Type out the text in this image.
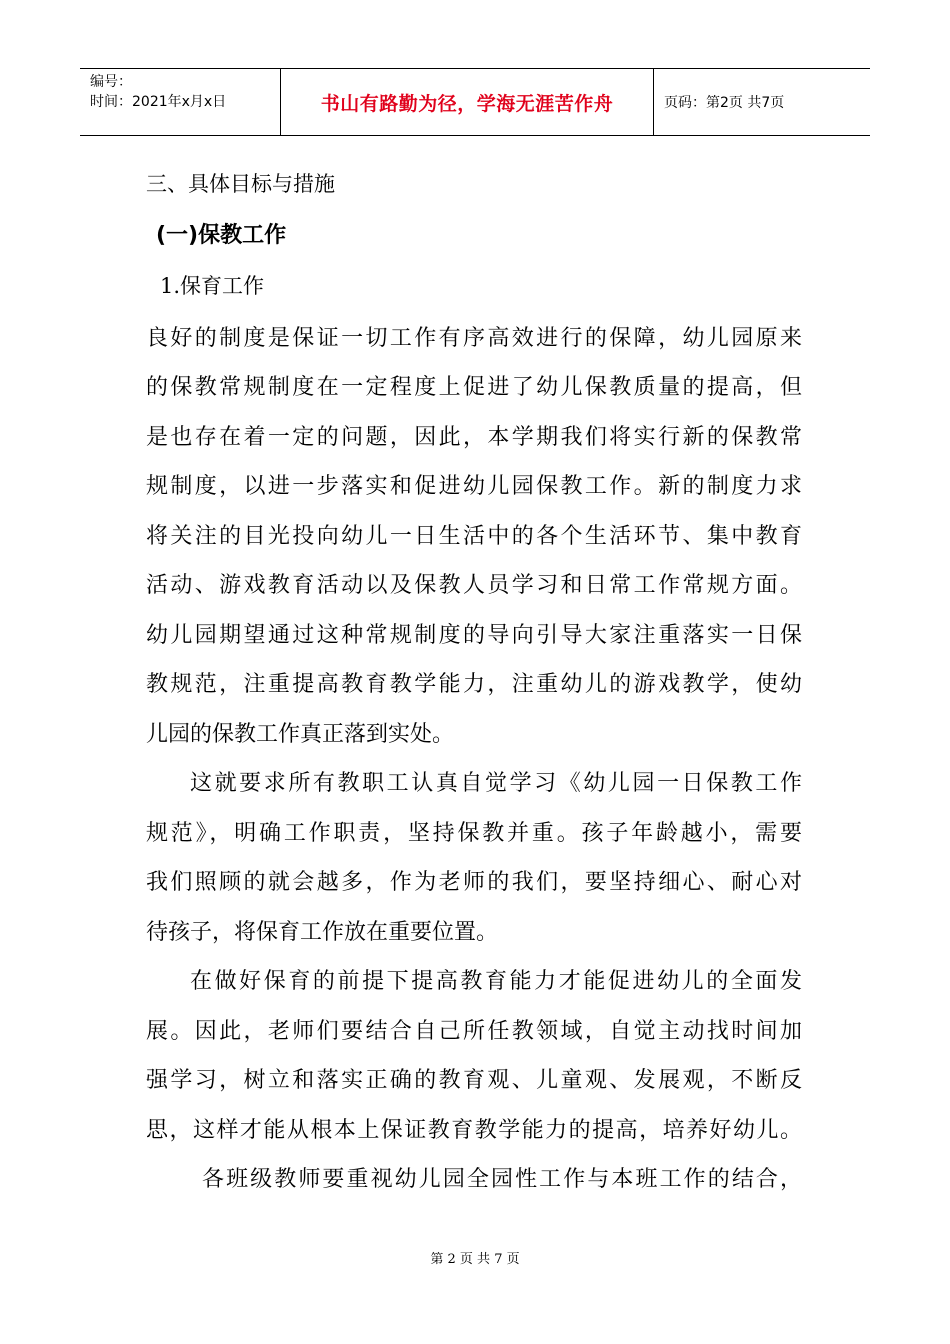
编号：
时间：2021年x月x日	书山有路勤为径，学海无涯苦作舟	页码：第2页 共7页
三、具体目标与措施
(一)保教工作
1.保育工作
良好的制度是保证一切工作有序高效进行的保障，幼儿园原来
的保教常规制度在一定程度上促进了幼儿保教质量的提高，但
是也存在着一定的问题，因此，本学期我们将实行新的保教常
规制度，以进一步落实和促进幼儿园保教工作。新的制度力求
将关注的目光投向幼儿一日生活中的各个生活环节、集中教育
活动、游戏教育活动以及保教人员学习和日常工作常规方面。
幼儿园期望通过这种常规制度的导向引导大家注重落实一日保
教规范，注重提高教育教学能力，注重幼儿的游戏教学，使幼
儿园的保教工作真正落到实处。
这就要求所有教职工认真自觉学习《幼儿园一日保教工作
规范》，明确工作职责，坚持保教并重。孩子年龄越小，需要
我们照顾的就会越多，作为老师的我们，要坚持细心、耐心对
待孩子，将保育工作放在重要位置。
在做好保育的前提下提高教育能力才能促进幼儿的全面发
展。因此，老师们要结合自己所任教领域，自觉主动找时间加
强学习，树立和落实正确的教育观、儿童观、发展观，不断反
思，这样才能从根本上保证教育教学能力的提高，培养好幼儿。
各班级教师要重视幼儿园全园性工作与本班工作的结合，
第 2 页 共 7 页
